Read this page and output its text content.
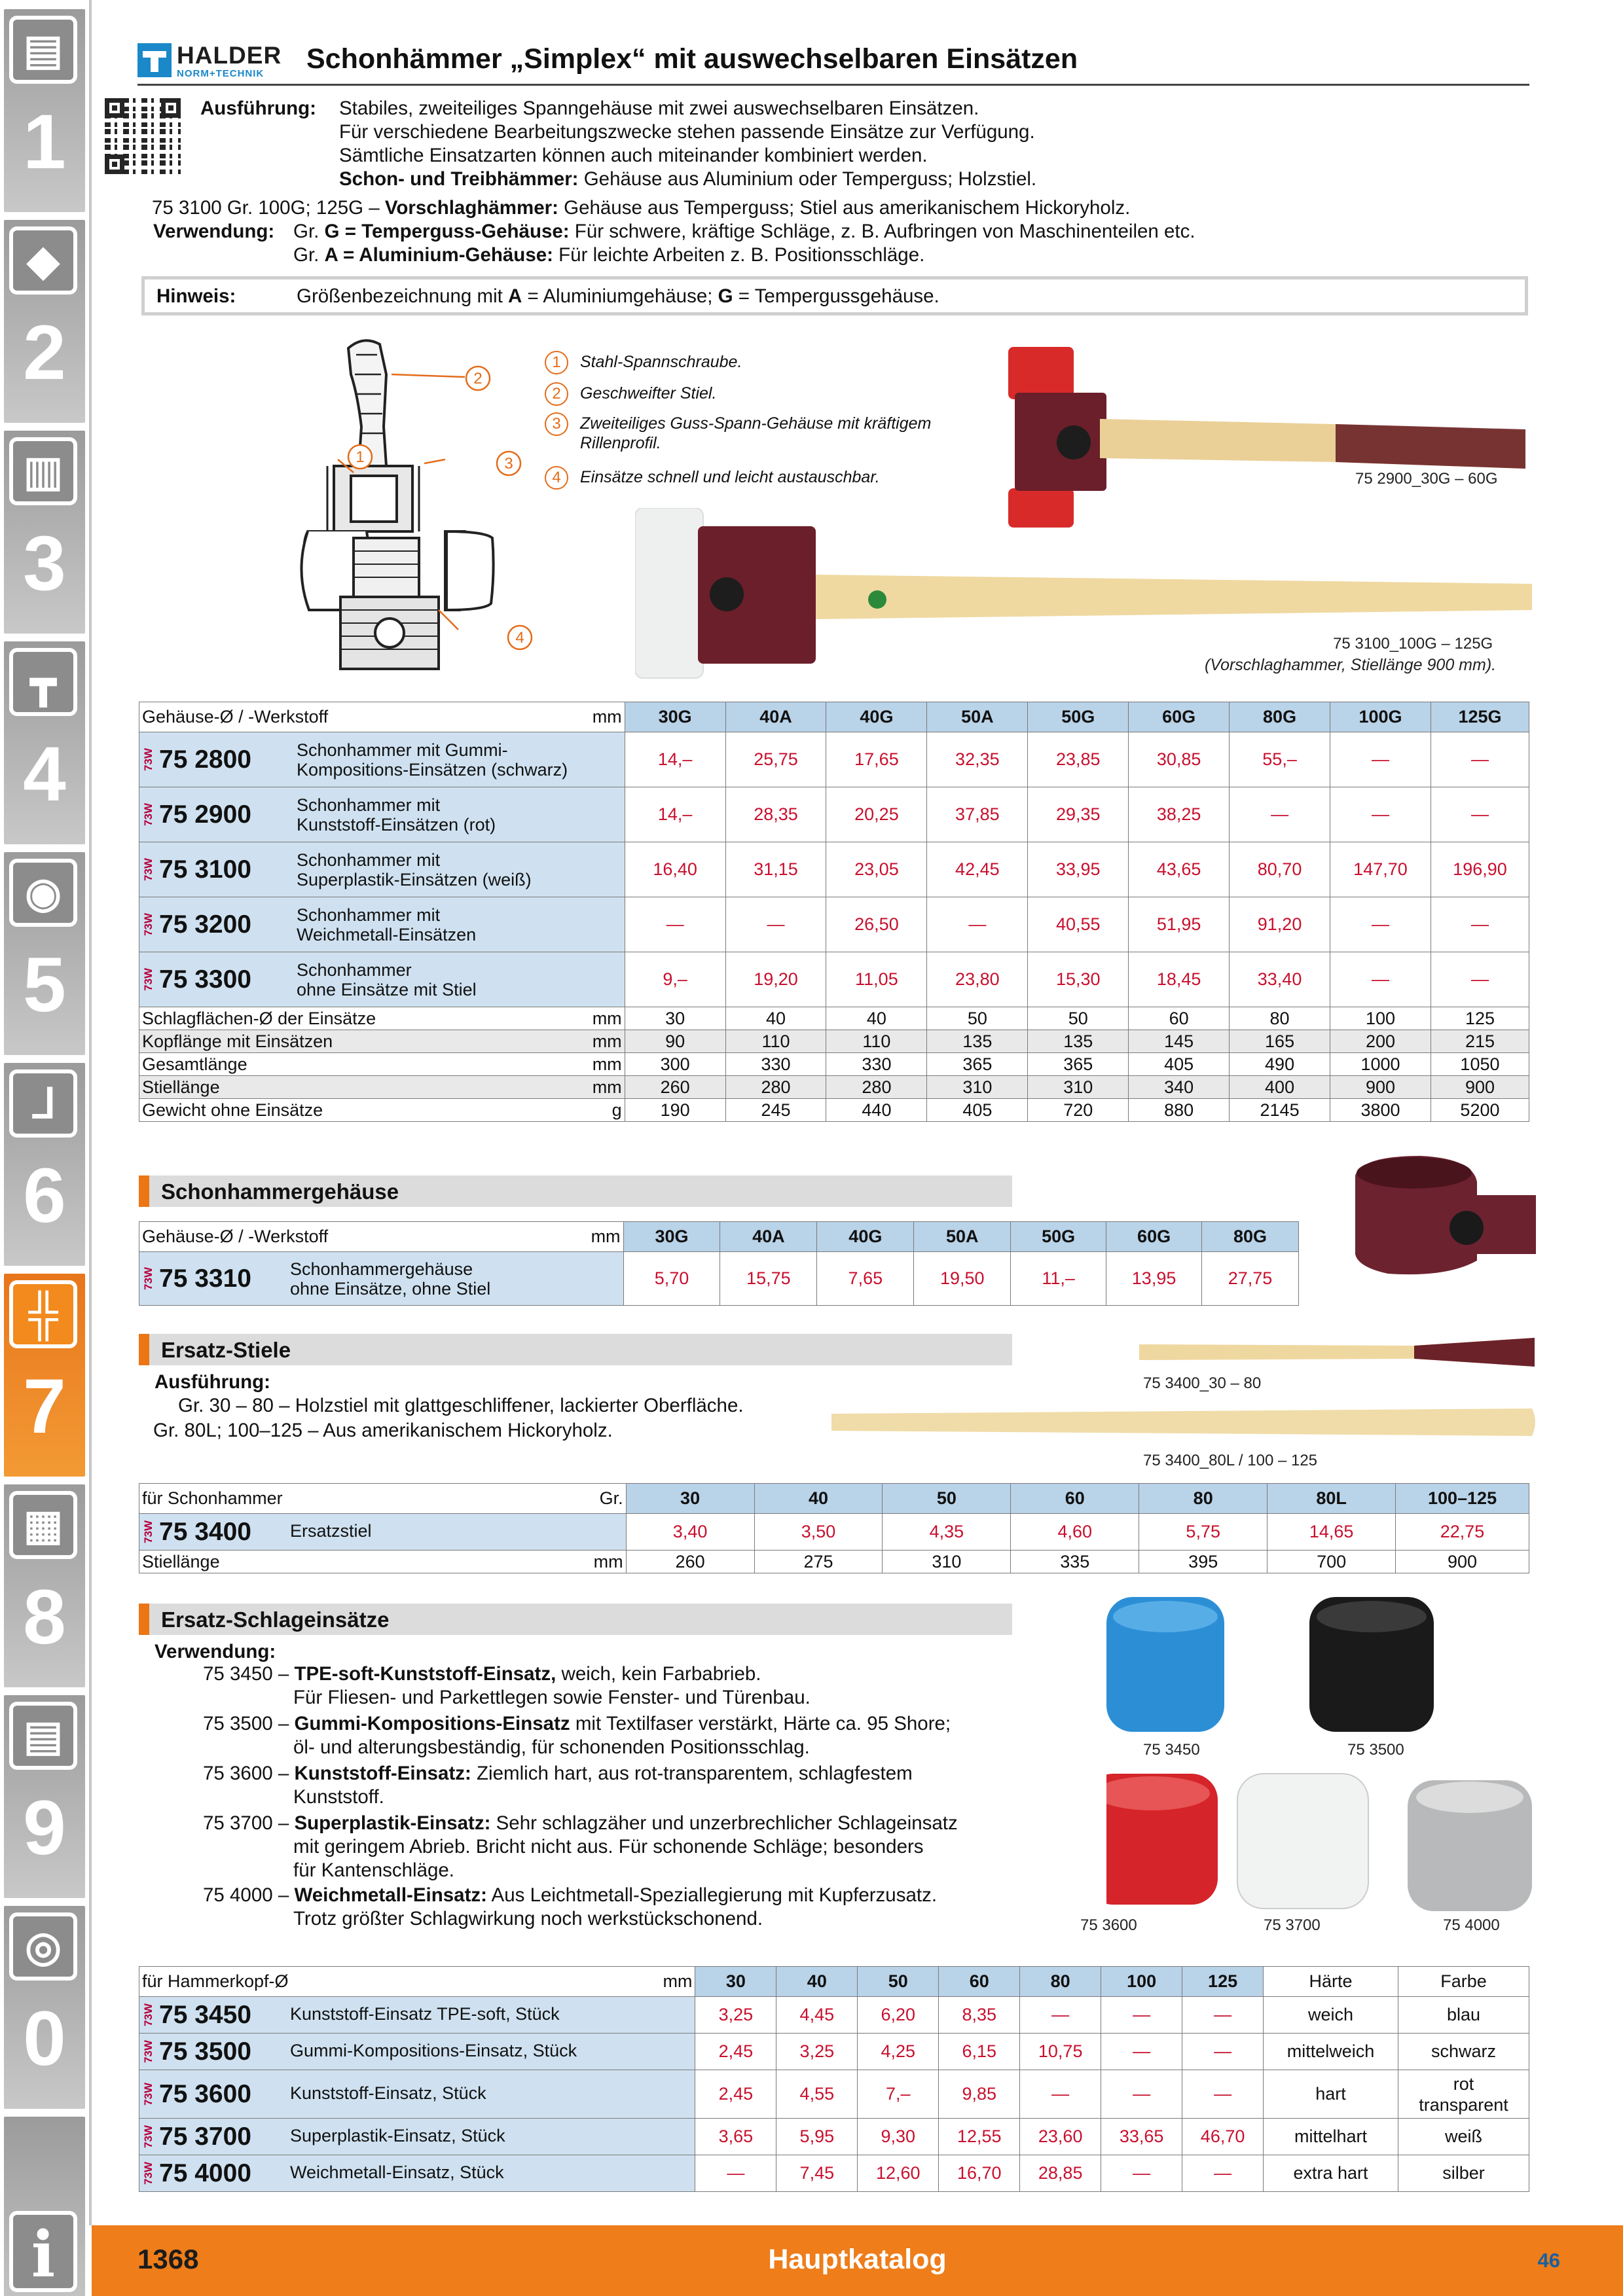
▤
1
◆
2
▥
3
┳
4
◉
5
ᒧ
6
╬
7
▦
8
▤
9
◎
0
i
HALDER
NORM+TECHNIK Schonhämmer „Simplex“ mit auswechselbaren Einsätzen
Ausführung: Stabiles, zweiteiliges Spanngehäuse mit zwei auswechselbaren Einsätzen.
Für verschiedene Bearbeitungszwecke stehen passende Einsätze zur Verfügung.
Sämtliche Einsatzarten können auch miteinander kombiniert werden.
Schon- und Treibhämmer: Gehäuse aus Aluminium oder Temperguss; Holzstiel.
75 3100 Gr. 100G; 125G – Vorschlaghämmer: Gehäuse aus Temperguss; Stiel aus amerikanischem Hickoryholz.
Verwendung: Gr. G = Temperguss-Gehäuse: Für schwere, kräftige Schläge, z. B. Aufbringen von Maschinenteilen etc.
Gr. A = Aluminium-Gehäuse: Für leichte Arbeiten z. B. Positionsschläge.
Hinweis:	Größenbezeichnung mit A = Aluminiumgehäuse; G = Tempergussgehäuse.
2
1	3
4
1	Stahl-Spannschraube.
2	Geschweifter Stiel.
3	Zweiteiliges Guss-Spann-Gehäuse mit kräftigem
Rillenprofil.
4	Einsätze schnell und leicht austauschbar.	75 2900_30G – 60G
75 3100_100G – 125G
(Vorschlaghammer, Stiellänge 900 mm).
Gehäuse-Ø / -Werkstoff mm	30G	40A	40G	50A	50G	60G	80G	100G	125G
73W 75 2800 Schonhammer mit Gummi-
Kompositions-Einsätzen (schwarz)	14,–	25,75	17,65	32,35	23,85	30,85	55,–	—	—
73W 75 2900 Schonhammer mit
Kunststoff-Einsätzen (rot)	14,–	28,35	20,25	37,85	29,35	38,25	—	—	—
73W 75 3100 Schonhammer mit
Superplastik-Einsätzen (weiß)	16,40	31,15	23,05	42,45	33,95	43,65	80,70	147,70	196,90
73W 75 3200 Schonhammer mit
Weichmetall-Einsätzen	—	—	26,50	—	40,55	51,95	91,20	—	—
73W 75 3300 Schonhammer
ohne Einsätze mit Stiel	9,–	19,20	11,05	23,80	15,30	18,45	33,40	—	—
Schlagflächen-Ø der Einsätze mm	30	40	40	50	50	60	80	100	125
Kopflänge mit Einsätzen mm	90	110	110	135	135	145	165	200	215
Gesamtlänge mm	300	330	330	365	365	405	490	1000	1050
Stiellänge mm	260	280	280	310	310	340	400	900	900
Gewicht ohne Einsätze g	190	245	440	405	720	880	2145	3800	5200
Schonhammergehäuse
Gehäuse-Ø / -Werkstoff mm	30G	40A	40G	50A	50G	60G	80G
73W 75 3310 Schonhammergehäuse
ohne Einsätze, ohne Stiel	5,70	15,75	7,65	19,50	11,–	13,95	27,75
Ersatz-Stiele
Ausführung:
Gr. 30 – 80 – Holzstiel mit glattgeschliffener, lackierter Oberfläche.
Gr. 80L; 100–125 – Aus amerikanischem Hickoryholz.
75 3400_30 – 80
75 3400_80L / 100 – 125
für Schonhammer Gr.	30	40	50	60	80	80L	100–125
73W 75 3400 Ersatzstiel	3,40	3,50	4,35	4,60	5,75	14,65	22,75
Stiellänge mm	260	275	310	335	395	700	900
Ersatz-Schlageinsätze
Verwendung:
75 3450 – TPE-soft-Kunststoff-Einsatz, weich, kein Farbabrieb.
Für Fliesen- und Parkettlegen sowie Fenster- und Türenbau.
75 3500 – Gummi-Kompositions-Einsatz mit Textilfaser verstärkt, Härte ca. 95 Shore;
öl- und alterungsbeständig, für schonenden Positionsschlag.
75 3600 – Kunststoff-Einsatz: Ziemlich hart, aus rot-transparentem, schlagfestem
Kunststoff.
75 3700 – Superplastik-Einsatz: Sehr schlagzäher und unzerbrechlicher Schlageinsatz
mit geringem Abrieb. Bricht nicht aus. Für schonende Schläge; besonders
für Kantenschläge.
75 4000 – Weichmetall-Einsatz: Aus Leichtmetall-Speziallegierung mit Kupferzusatz.
Trotz größter Schlagwirkung noch werkstückschonend.
75 3450	75 3500
75 3600	75 3700	75 4000
für Hammerkopf-Ø mm	30	40	50	60	80	100	125	Härte	Farbe
73W 75 3450 Kunststoff-Einsatz TPE-soft, Stück	3,25	4,45	6,20	8,35	—	—	—	weich	blau
73W 75 3500 Gummi-Kompositions-Einsatz, Stück	2,45	3,25	4,25	6,15	10,75	—	—	mittelweich	schwarz
73W 75 3600 Kunststoff-Einsatz, Stück	2,45	4,55	7,–	9,85	—	—	—	hart	rot
transparent

73W 75 3700 Superplastik-Einsatz, Stück	3,65	5,95	9,30	12,55	23,60	33,65	46,70	mittelhart	weiß
73W 75 4000 Weichmetall-Einsatz, Stück	—	7,45	12,60	16,70	28,85	—	—	extra hart	silber
Hauptkatalog
1368	46
